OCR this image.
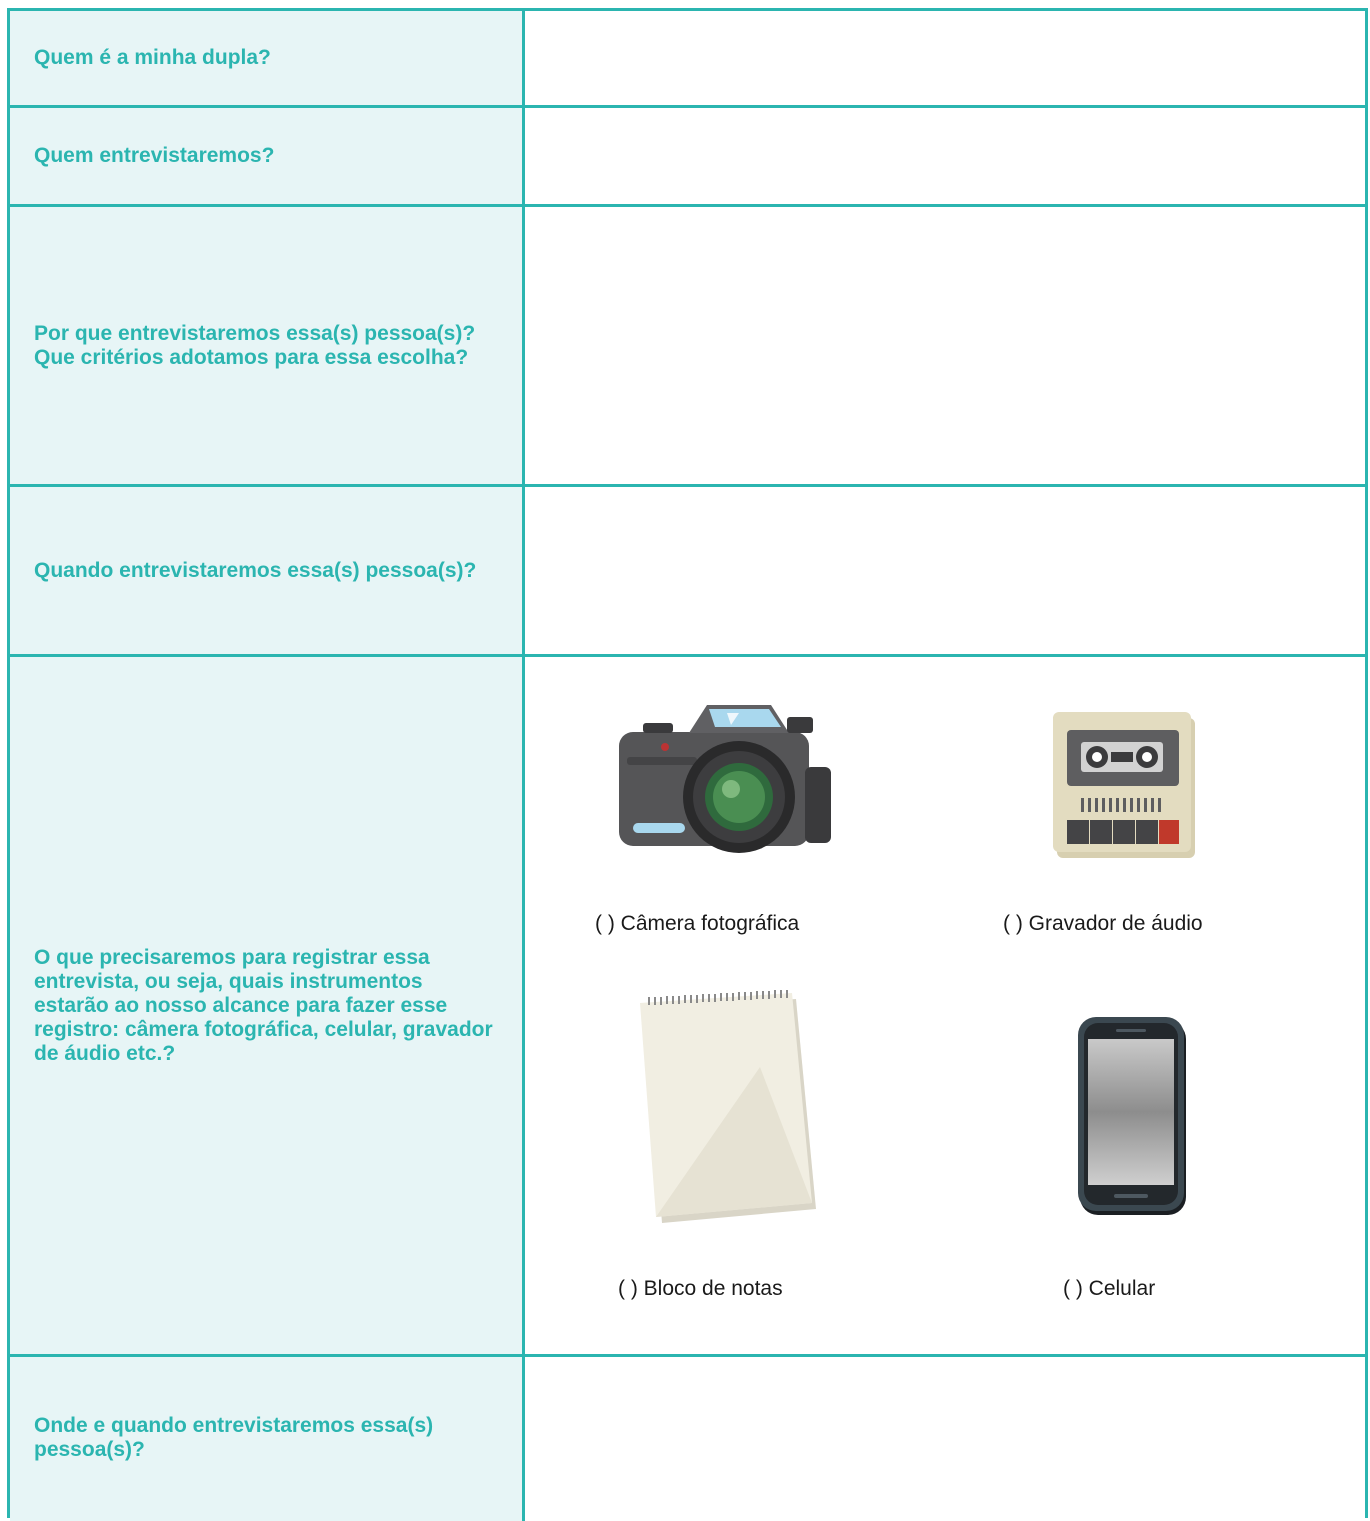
Quem é a minha dupla?
Quem entrevistaremos?
Por que entrevistaremos essa(s) pessoa(s)? Que critérios adotamos para essa escolha?
Quando entrevistaremos essa(s) pessoa(s)?
O que precisaremos para registrar essa entrevista, ou seja, quais instrumentos estarão ao nosso alcance para fazer esse registro: câmera fotográfica, celular, gravador de áudio etc.?
( ) Câmera fotográfica	( ) Gravador de áudio
( ) Bloco de notas	( ) Celular
Onde e quando entrevistaremos essa(s) pessoa(s)?
